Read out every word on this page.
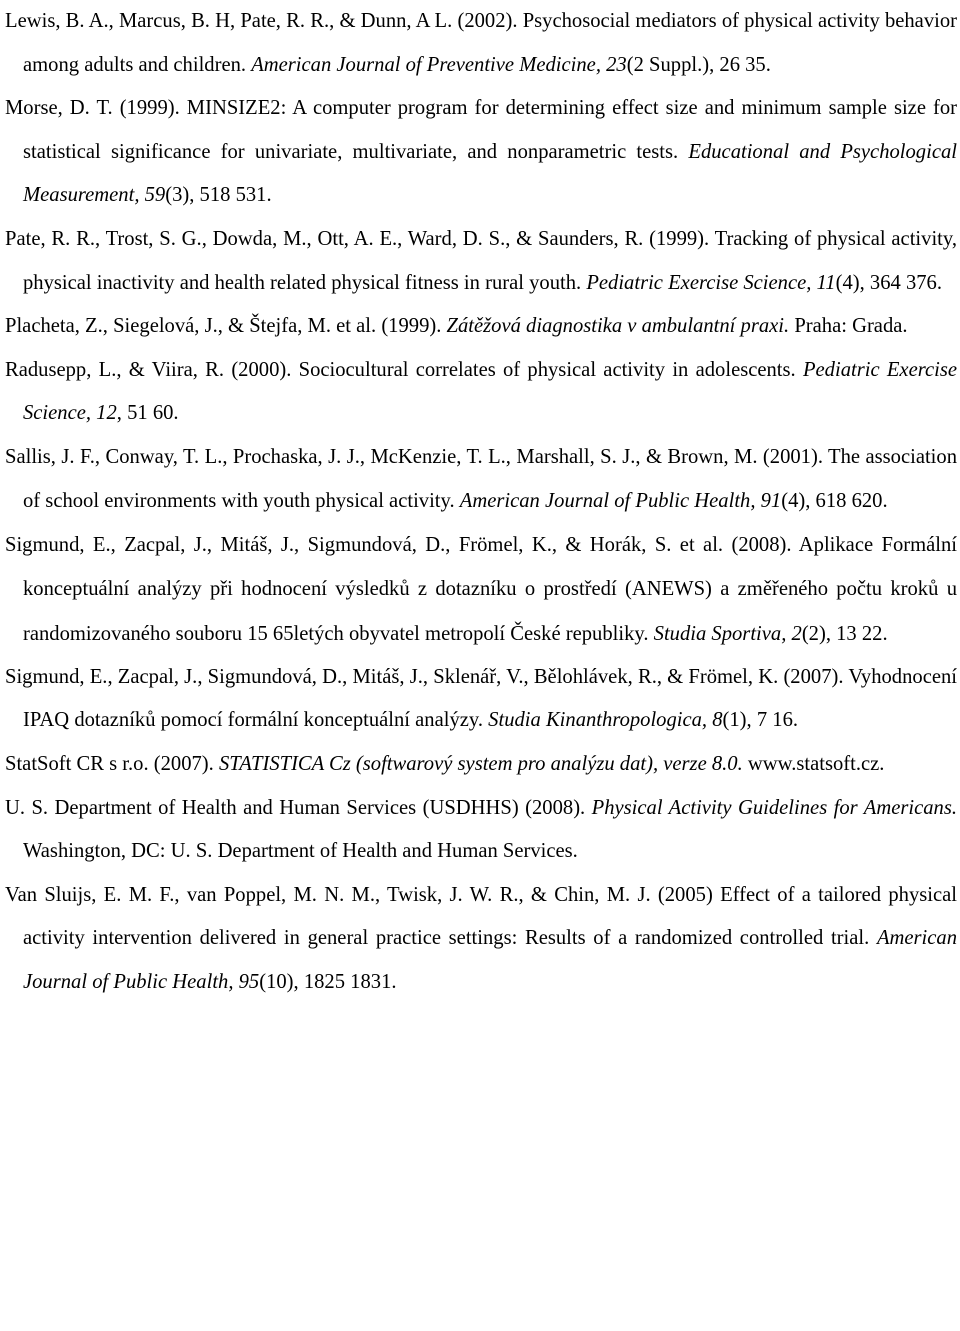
Lewis, B. A., Marcus, B. H, Pate, R. R., & Dunn, A L. (2002). Psychosocial mediators of physical activity behavior among adults and children. American Journal of Preventive Medicine, 23(2 Suppl.), 26 35.

Morse, D. T. (1999). MINSIZE2: A computer program for determining effect size and minimum sample size for statistical significance for univariate, multivariate, and nonparametric tests. Educational and Psychological Measurement, 59(3), 518 531.

Pate, R. R., Trost, S. G., Dowda, M., Ott, A. E., Ward, D. S., & Saunders, R. (1999). Tracking of physical activity, physical inactivity and health related physical fitness in rural youth. Pediatric Exercise Science, 11(4), 364 376.

Placheta, Z., Siegelová, J., & Štejfa, M. et al. (1999). Zátěžová diagnostika v ambulantní praxi. Praha: Grada.

Radusepp, L., & Viira, R. (2000). Sociocultural correlates of physical activity in adolescents. Pediatric Exercise Science, 12, 51 60.

Sallis, J. F., Conway, T. L., Prochaska, J. J., McKenzie, T. L., Marshall, S. J., & Brown, M. (2001). The association of school environments with youth physical activity. American Journal of Public Health, 91(4), 618 620.

Sigmund, E., Zacpal, J., Mitáš, J., Sigmundová, D., Frömel, K., & Horák, S. et al. (2008). Aplikace Formální konceptuální analýzy při hodnocení výsledků z dotazníku o prostředí (ANEWS) a změřeného počtu kroků u randomizovaného souboru 15 65letých obyvatel metropolí České republiky. Studia Sportiva, 2(2), 13 22.

Sigmund, E., Zacpal, J., Sigmundová, D., Mitáš, J., Sklenář, V., Bělohlávek, R., & Frömel, K. (2007). Vyhodnocení IPAQ dotazníků pomocí formální konceptuální analýzy. Studia Kinanthropologica, 8(1), 7 16.

StatSoft CR s r.o. (2007). STATISTICA Cz (softwarový system pro analýzu dat), verze 8.0. www.statsoft.cz.

U. S. Department of Health and Human Services (USDHHS) (2008). Physical Activity Guidelines for Americans. Washington, DC: U. S. Department of Health and Human Services.

Van Sluijs, E. M. F., van Poppel, M. N. M., Twisk, J. W. R., & Chin, M. J. (2005) Effect of a tailored physical activity intervention delivered in general practice settings: Results of a randomized controlled trial. American Journal of Public Health, 95(10), 1825 1831.
